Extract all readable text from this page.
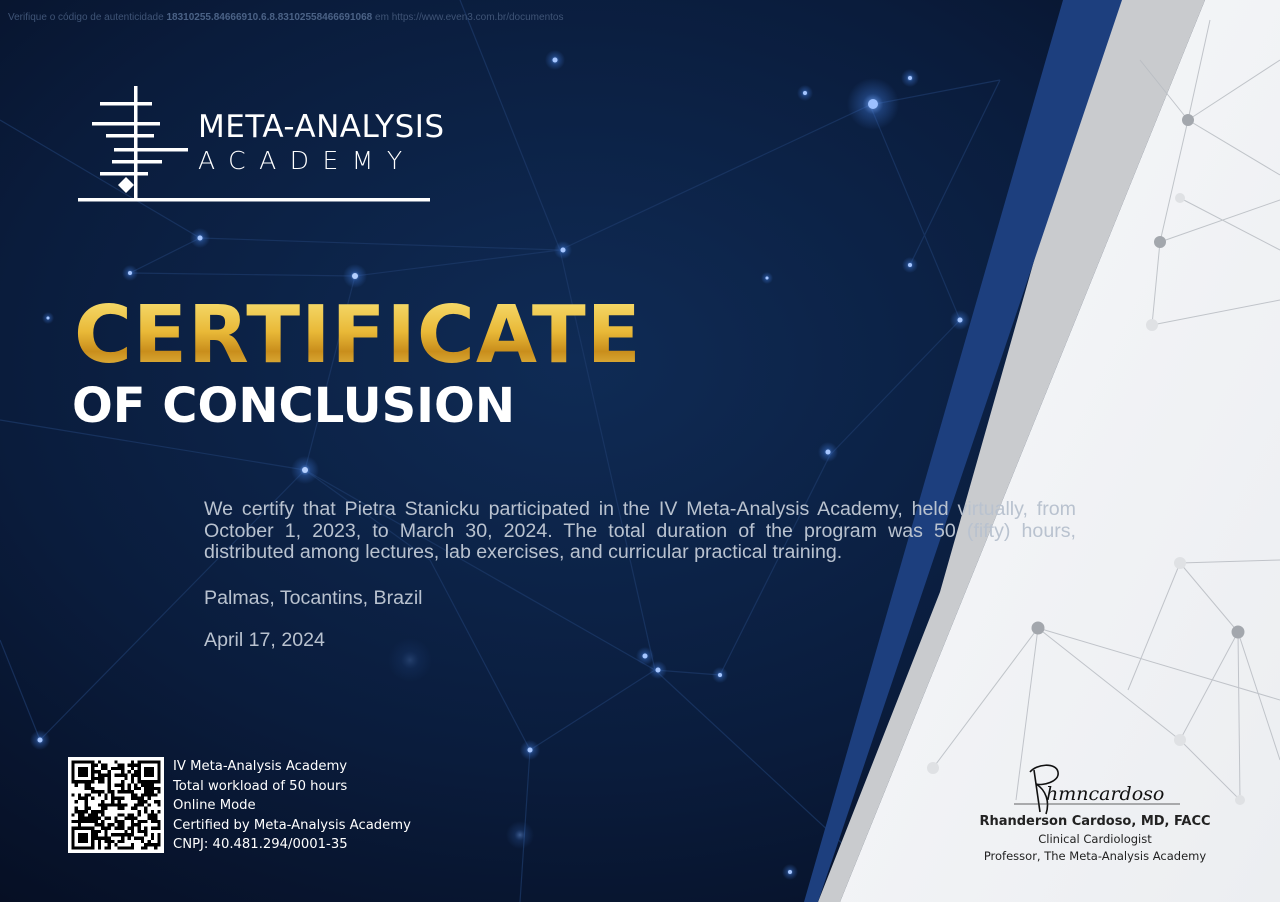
Verifique o código de autenticidade 18310255.84666910.6.8.83102558466691068 em https://www.even3.com.br/documentos
META-ANALYSIS
ACADEMY
CERTIFICATE
OF CONCLUSION
We certify that Pietra Stanicku participated in the IV Meta-Analysis Academy, held virtually, from October 1, 2023, to March 30, 2024. The total duration of the program was 50 (fifty) hours, distributed among lectures, lab exercises, and curricular practical training.
Palmas, Tocantins, Brazil
April 17, 2024
IV Meta-Analysis Academy
Total workload of 50 hours
Online Mode
Certified by Meta-Analysis Academy
CNPJ: 40.481.294/0001-35
hmncardoso
Rhanderson Cardoso, MD, FACC
Clinical Cardiologist
Professor, The Meta-Analysis Academy
